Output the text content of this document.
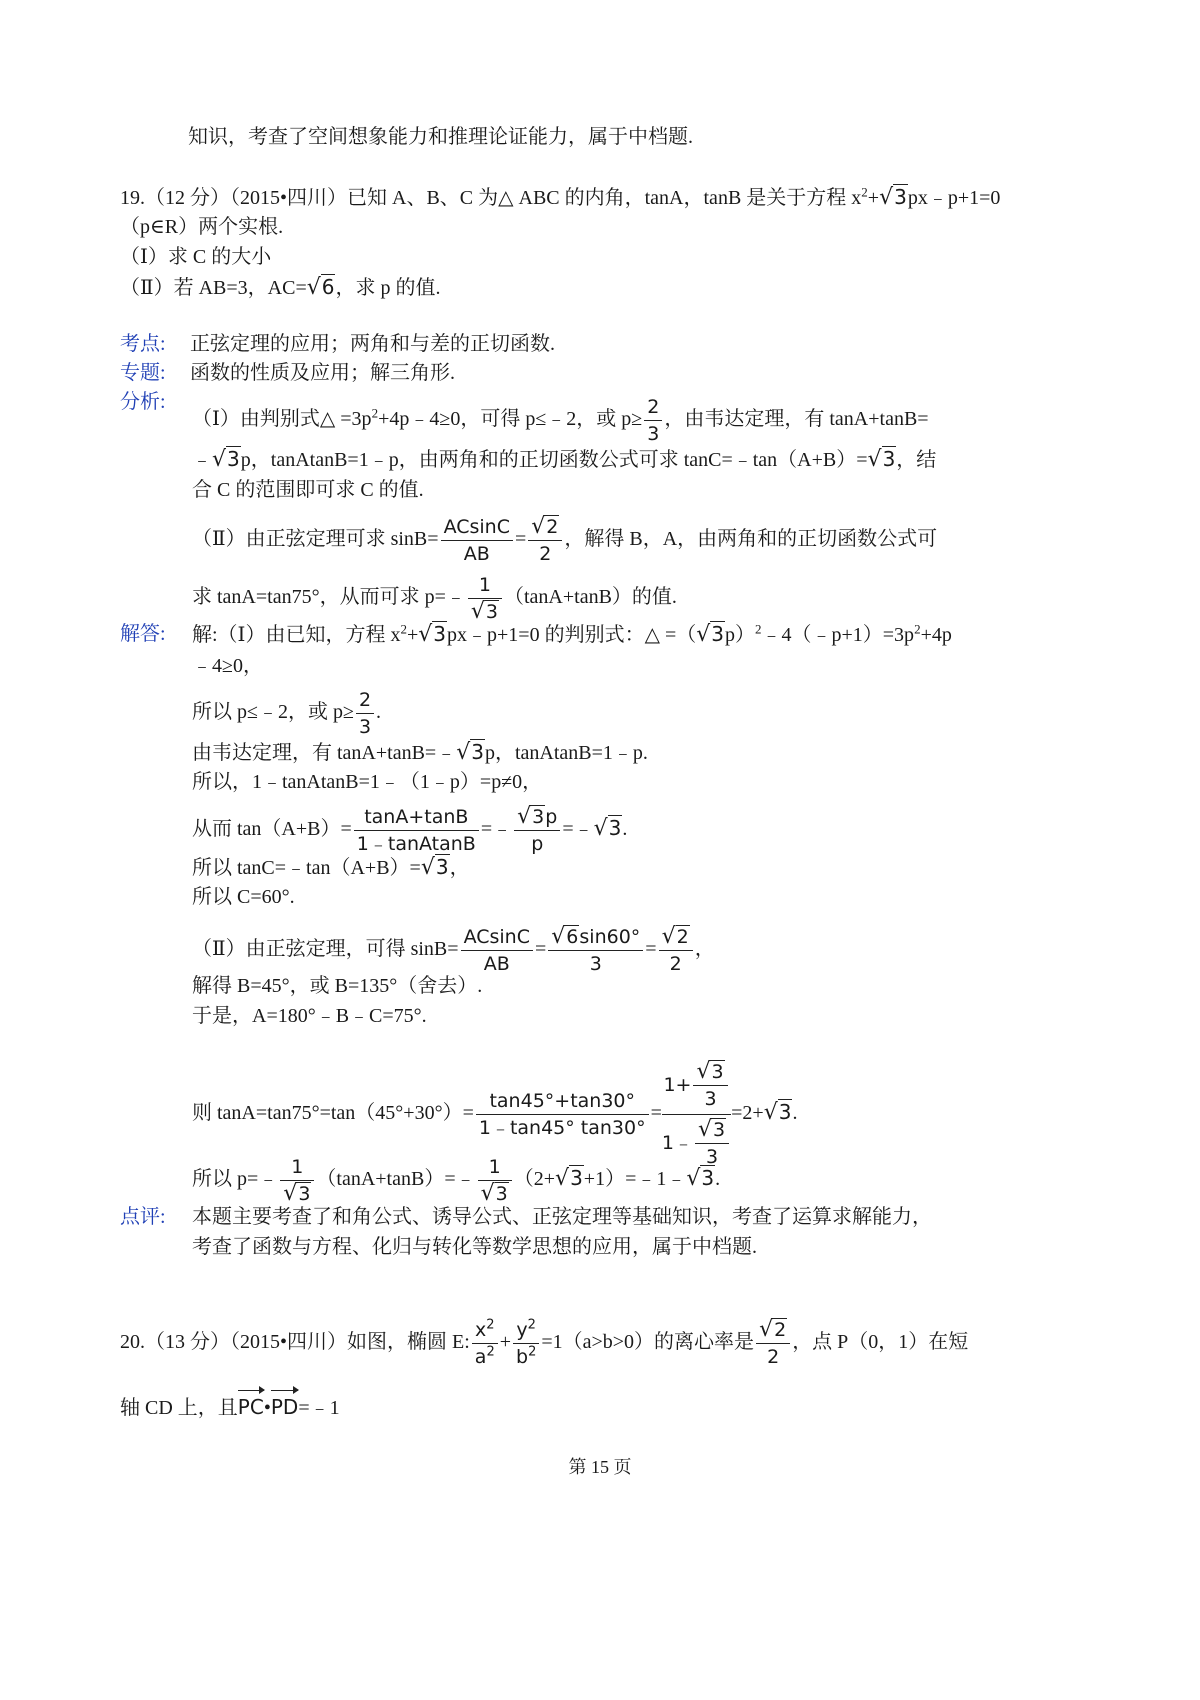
知识，考查了空间想象能力和推理论证能力，属于中档题.
19.（12 分）（2015•四川）已知 A、B、C 为△ ABC 的内角，tanA，tanB 是关于方程 $x^2+√3px﹣p+1=0$
（p∈R）两个实根.
（Ⅰ）求 C 的大小
（Ⅱ）若 AB=3，AC=√6，求 p 的值.
考点: 正弦定理的应用；两角和与差的正切函数.
专题: 函数的性质及应用；解三角形.
分析:
（Ⅰ）由判别式△ $=3p^2+4p﹣4\ge 0$，可得 p≤﹣2，或 $p\ge \frac{2}{3}$ ，由韦达定理，有 tanA+tanB=
﹣√3p，tanAtanB=1﹣p，由两角和的正切函数公式可求 tanC=﹣tan（A+B）=√3，结
合 C 的范围即可求 C 的值.
（Ⅱ）由正弦定理可求 $\sin B= \frac{ACsinC}{AB} = \frac{√2}{2}$ ，解得 B，A，由两角和的正切函数公式可
求 tanA=tan75°，从而可求 p=﹣ $\frac{1}{√3} (\tan A+\tan B)$的值.
解答: 解:（Ⅰ）由已知，方程 $x^2+√3px﹣p+1=0$ 的判别式：△ $=(√3p)^2﹣4(﹣p+1)=3p^2+4p$
﹣4≥0，
所以 p≤﹣2，或 $p\ge \frac{2}{3}$ .
由韦达定理，有 tanA+tanB=﹣√3p，tanAtanB=1﹣p.
所以，1﹣tanAtanB=1﹣（1﹣p）=p≠0，
从而 $\tan(A+B)= \frac{\tan A+\tan B}{\text{1﹣tanAtanB}}$ =﹣ $\frac{√3p}{p}$ =﹣√3.
所以 tanC=﹣tan（A+B）=√3，
所以 C=60°.
（Ⅱ）由正弦定理，可得 $\sin B= \frac{ACsinC}{AB} = \frac{√6\sin 60^\circ}{3} = \frac{√2}{2}$ ，
解得 B=45°，或 B=135°（舍去）.
于是，A=180°﹣B﹣C=75°.
则 $\tan A=\tan 75^\circ=\tan(45^\circ+30^\circ)= \frac{\tan 45^\circ+\tan 30^\circ}{1﹣\tan 45^\circ \tan 30^\circ} = \frac{1+ \frac{√3}{3}}{1﹣ \frac{√3}{3}} =2+√3$.
所以 p=﹣ $\frac{1}{√3}$ （tanA+tanB）=﹣ $\frac{1}{√3}$ （2+√3+1）=﹣1﹣√3.
点评: 本题主要考查了和角公式、诱导公式、正弦定理等基础知识，考查了运算求解能力，
考查了函数与方程、化归与转化等数学思想的应用，属于中档题.
20.（13 分）（2015•四川）如图，椭圆 E: $\frac{x^2}{a^2} + \frac{y^2}{b^2} =1(a>b>0)$的离心率是 $\frac{√2}{2}$ ，点 P（0，1）在短
轴 CD 上，且PC•PD=﹣1
第 15 页
